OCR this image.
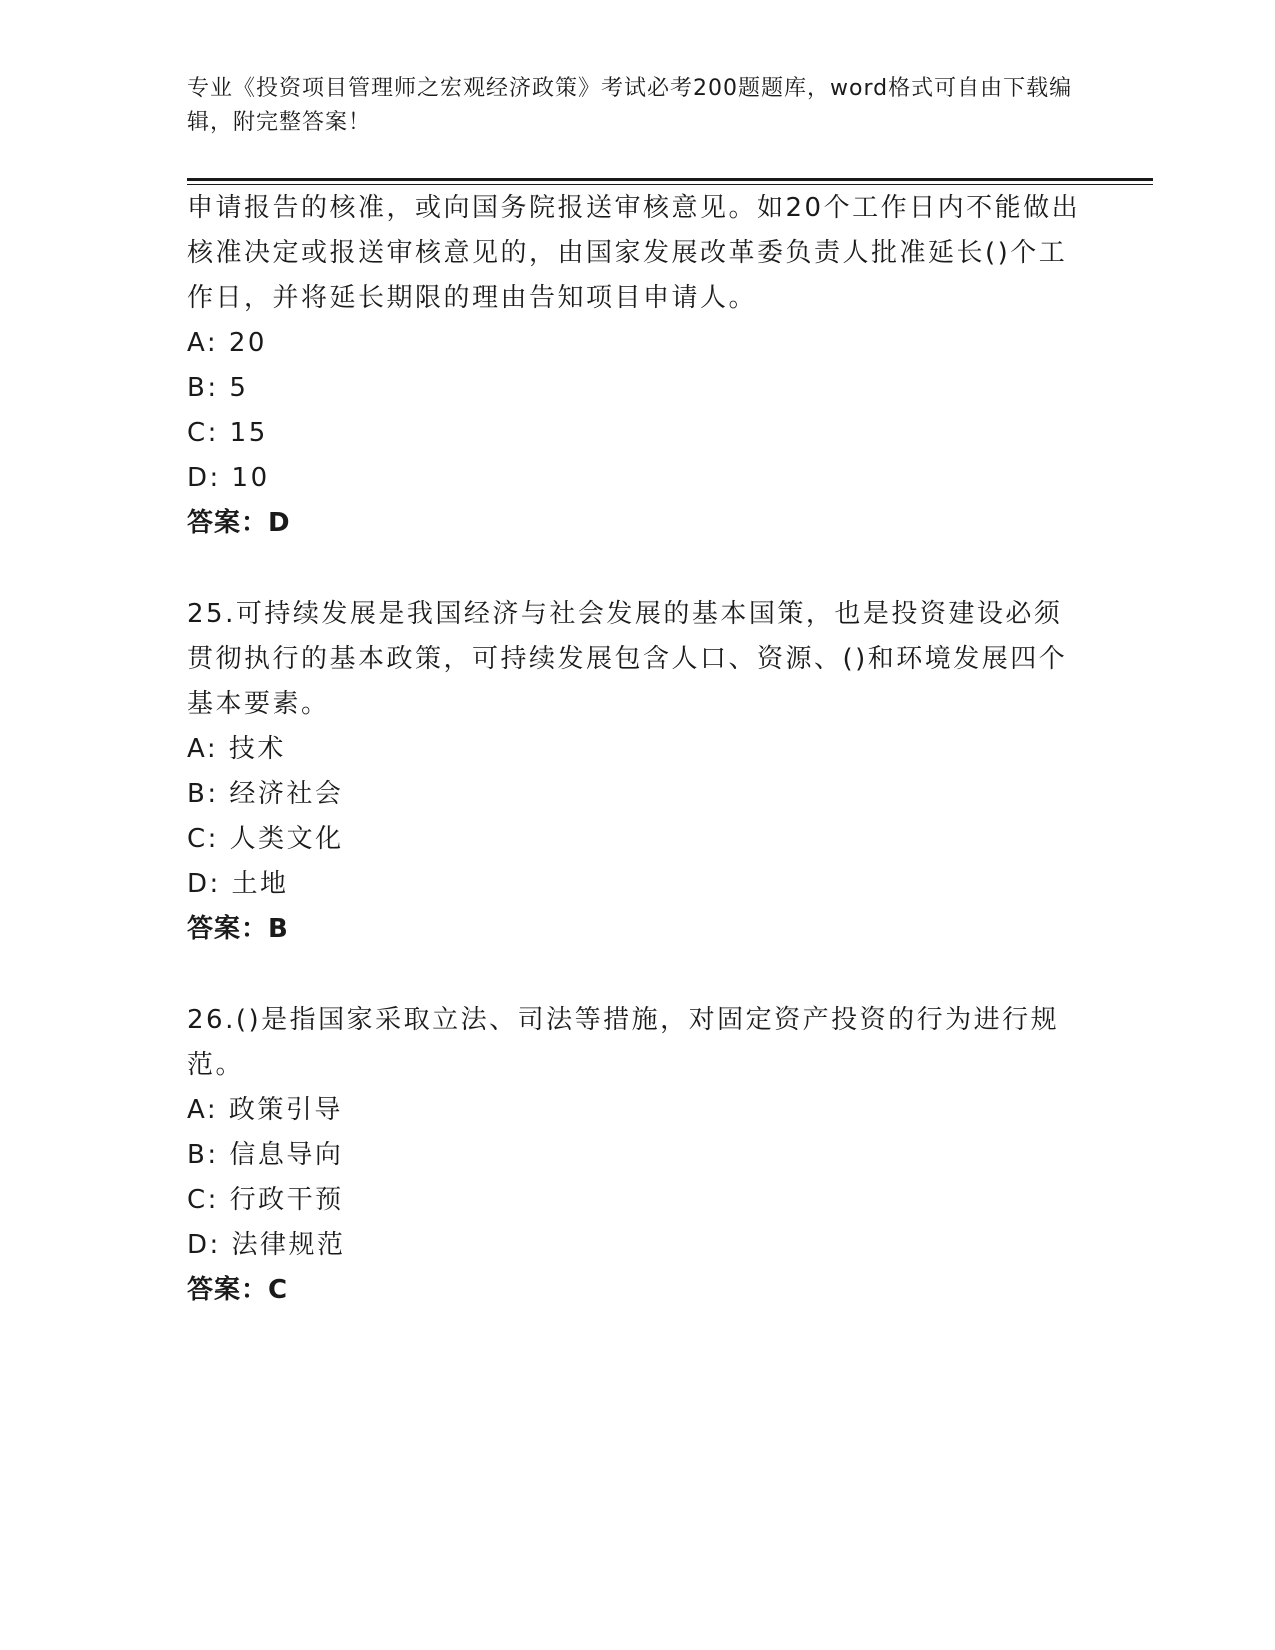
专业《投资项目管理师之宏观经济政策》考试必考200题题库，word格式可自由下载编辑，附完整答案！
申请报告的核准，或向国务院报送审核意见。如20个工作日内不能做出核准决定或报送审核意见的，由国家发展改革委负责人批准延长()个工作日，并将延长期限的理由告知项目申请人。
A: 20
B: 5
C: 15
D: 10
答案：D
25.可持续发展是我国经济与社会发展的基本国策，也是投资建设必须贯彻执行的基本政策，可持续发展包含人口、资源、()和环境发展四个基本要素。
A: 技术
B: 经济社会
C: 人类文化
D: 土地
答案：B
26.()是指国家采取立法、司法等措施，对固定资产投资的行为进行规范。
A: 政策引导
B: 信息导向
C: 行政干预
D: 法律规范
答案：C
